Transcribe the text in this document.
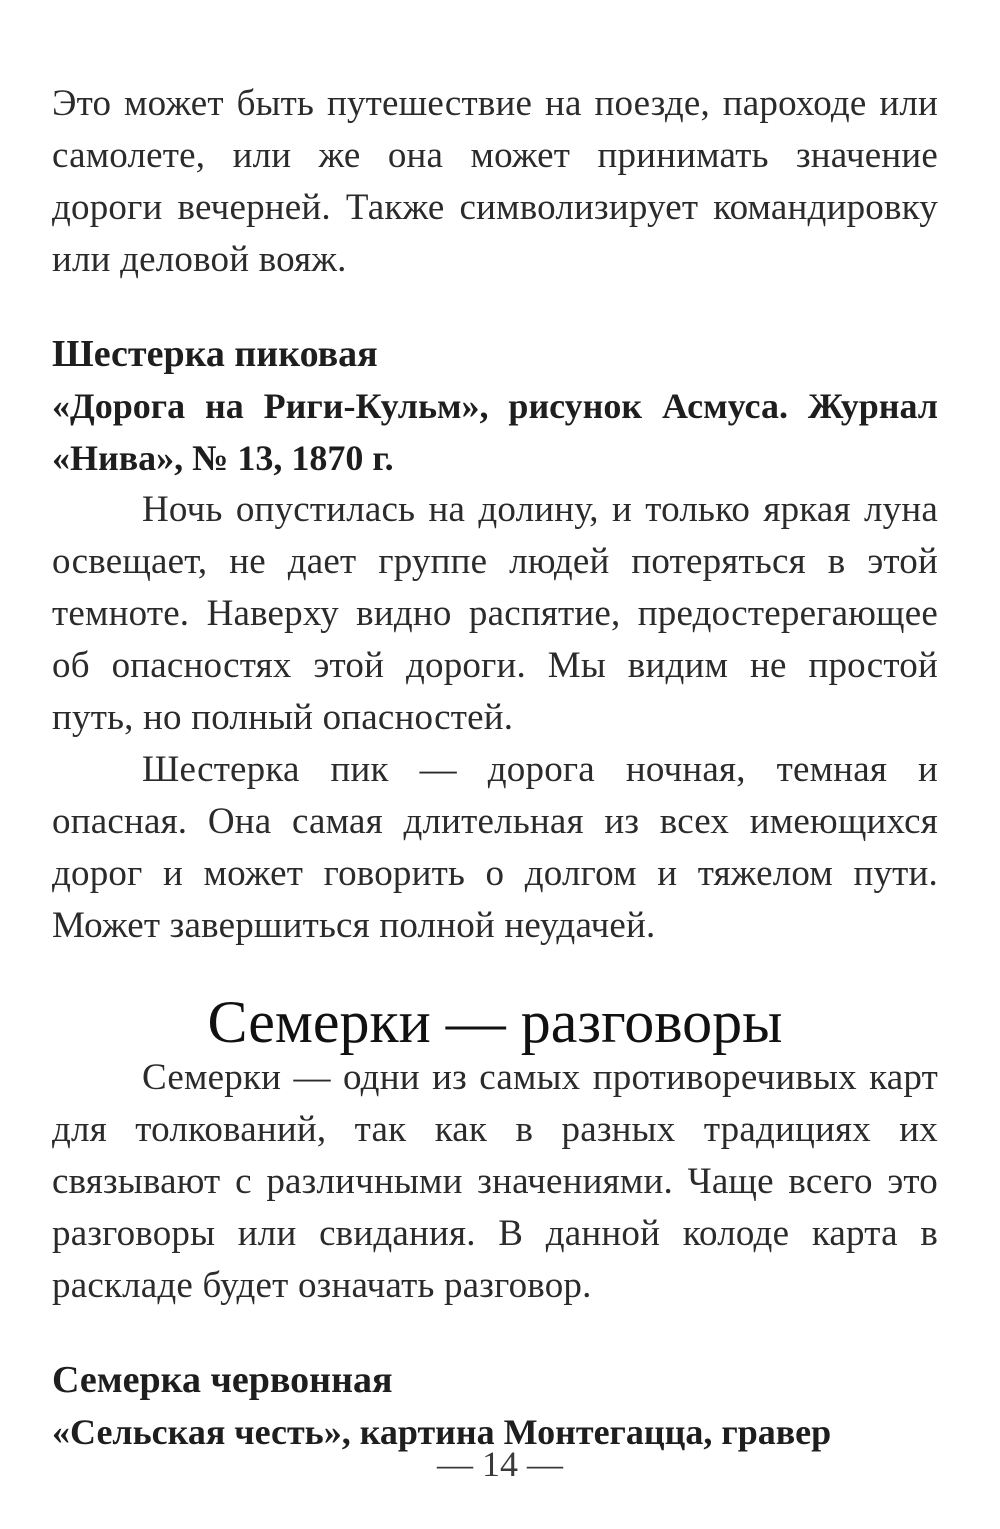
Это может быть путешествие на поезде, пароходе или самолете, или же она может принимать значение дороги вечерней. Также символизирует командировку или деловой вояж.

Шестерка пиковая

«Дорога на Риги-Кульм», рисунок Асмуса. Журнал «Нива», № 13, 1870 г.

Ночь опустилась на долину, и только яркая луна освещает, не дает группе людей потеряться в этой темноте. Наверху видно распятие, предостерегающее об опасностях этой дороги. Мы видим не простой путь, но полный опасностей.

Шестерка пик — дорога ночная, темная и опасная. Она самая длительная из всех имеющихся дорог и может говорить о долгом и тяжелом пути. Может завершиться полной неудачей.

Семерки — разговоры

Семерки — одни из самых противоречивых карт для толкований, так как в разных традициях их связывают с различными значениями. Чаще всего это разговоры или свидания. В данной колоде карта в раскладе будет означать разговор.

Семерка червонная

«Сельская честь», картина Монтегацца, гравер

— 14 —
